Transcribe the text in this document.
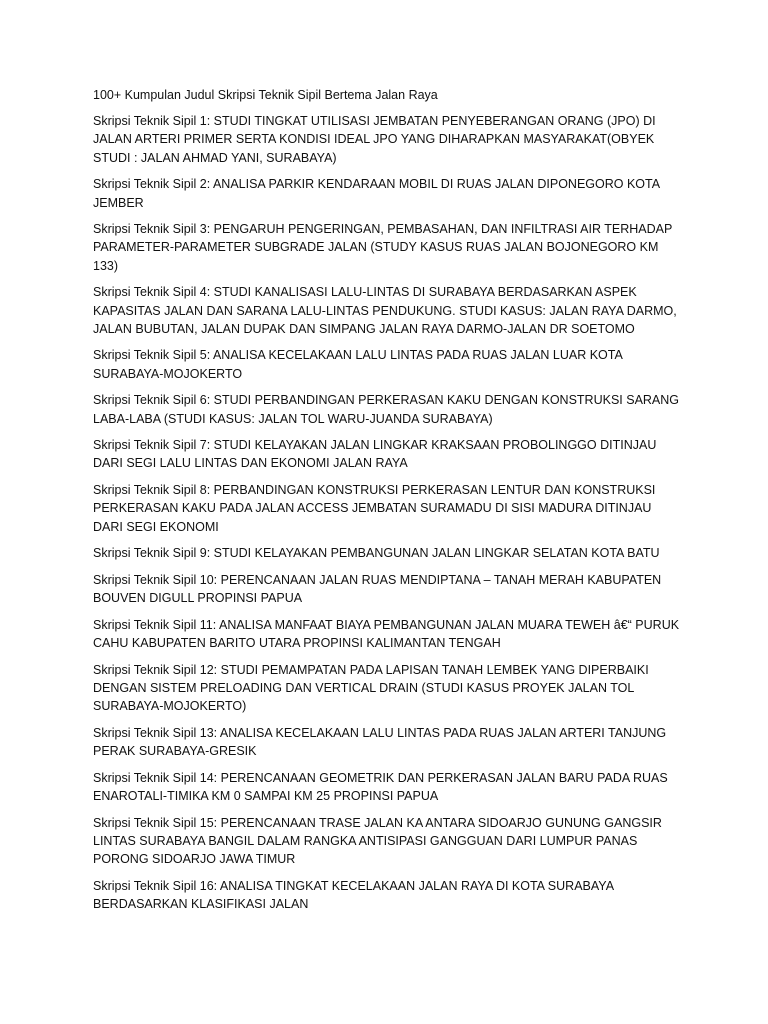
100+ Kumpulan Judul Skripsi Teknik Sipil Bertema Jalan Raya

Skripsi Teknik Sipil 1: STUDI TINGKAT UTILISASI JEMBATAN PENYEBERANGAN ORANG (JPO) DI JALAN ARTERI PRIMER SERTA KONDISI IDEAL JPO YANG DIHARAPKAN MASYARAKAT(OBYEK STUDI : JALAN AHMAD YANI, SURABAYA)

Skripsi Teknik Sipil 2: ANALISA PARKIR KENDARAAN MOBIL DI RUAS JALAN DIPONEGORO KOTA JEMBER

Skripsi Teknik Sipil 3: PENGARUH PENGERINGAN, PEMBASAHAN, DAN INFILTRASI AIR TERHADAP PARAMETER-PARAMETER SUBGRADE JALAN (STUDY KASUS RUAS JALAN BOJONEGORO KM 133)

Skripsi Teknik Sipil 4: STUDI KANALISASI LALU-LINTAS DI SURABAYA BERDASARKAN ASPEK KAPASITAS JALAN DAN SARANA LALU-LINTAS PENDUKUNG. STUDI KASUS: JALAN RAYA DARMO, JALAN BUBUTAN, JALAN DUPAK DAN SIMPANG JALAN RAYA DARMO-JALAN DR SOETOMO

Skripsi Teknik Sipil 5: ANALISA KECELAKAAN LALU LINTAS PADA RUAS JALAN LUAR KOTA SURABAYA-MOJOKERTO

Skripsi Teknik Sipil 6: STUDI PERBANDINGAN PERKERASAN KAKU DENGAN KONSTRUKSI SARANG LABA-LABA (STUDI KASUS: JALAN TOL WARU-JUANDA SURABAYA)

Skripsi Teknik Sipil 7: STUDI KELAYAKAN JALAN LINGKAR KRAKSAAN PROBOLINGGO DITINJAU DARI SEGI LALU LINTAS DAN EKONOMI JALAN RAYA

Skripsi Teknik Sipil 8: PERBANDINGAN KONSTRUKSI PERKERASAN LENTUR DAN KONSTRUKSI PERKERASAN KAKU PADA JALAN ACCESS JEMBATAN SURAMADU DI SISI MADURA DITINJAU DARI SEGI EKONOMI

Skripsi Teknik Sipil 9: STUDI KELAYAKAN PEMBANGUNAN JALAN LINGKAR SELATAN KOTA BATU

Skripsi Teknik Sipil 10: PERENCANAAN JALAN RUAS MENDIPTANA – TANAH MERAH KABUPATEN BOUVEN DIGULL PROPINSI PAPUA

Skripsi Teknik Sipil 11: ANALISA MANFAAT BIAYA PEMBANGUNAN JALAN MUARA TEWEH â€“ PURUK CAHU KABUPATEN BARITO UTARA PROPINSI KALIMANTAN TENGAH

Skripsi Teknik Sipil 12: STUDI PEMAMPATAN PADA LAPISAN TANAH LEMBEK YANG DIPERBAIKI DENGAN SISTEM PRELOADING DAN VERTICAL DRAIN (STUDI KASUS PROYEK JALAN TOL SURABAYA-MOJOKERTO)

Skripsi Teknik Sipil 13: ANALISA KECELAKAAN LALU LINTAS PADA RUAS JALAN ARTERI TANJUNG PERAK SURABAYA-GRESIK

Skripsi Teknik Sipil 14: PERENCANAAN GEOMETRIK DAN PERKERASAN JALAN BARU PADA RUAS ENAROTALI-TIMIKA KM 0 SAMPAI KM 25 PROPINSI PAPUA

Skripsi Teknik Sipil 15: PERENCANAAN TRASE JALAN KA ANTARA SIDOARJO GUNUNG GANGSIR LINTAS SURABAYA BANGIL DALAM RANGKA ANTISIPASI GANGGUAN DARI LUMPUR PANAS PORONG SIDOARJO JAWA TIMUR

Skripsi Teknik Sipil 16: ANALISA TINGKAT KECELAKAAN JALAN RAYA DI KOTA SURABAYA BERDASARKAN KLASIFIKASI JALAN
